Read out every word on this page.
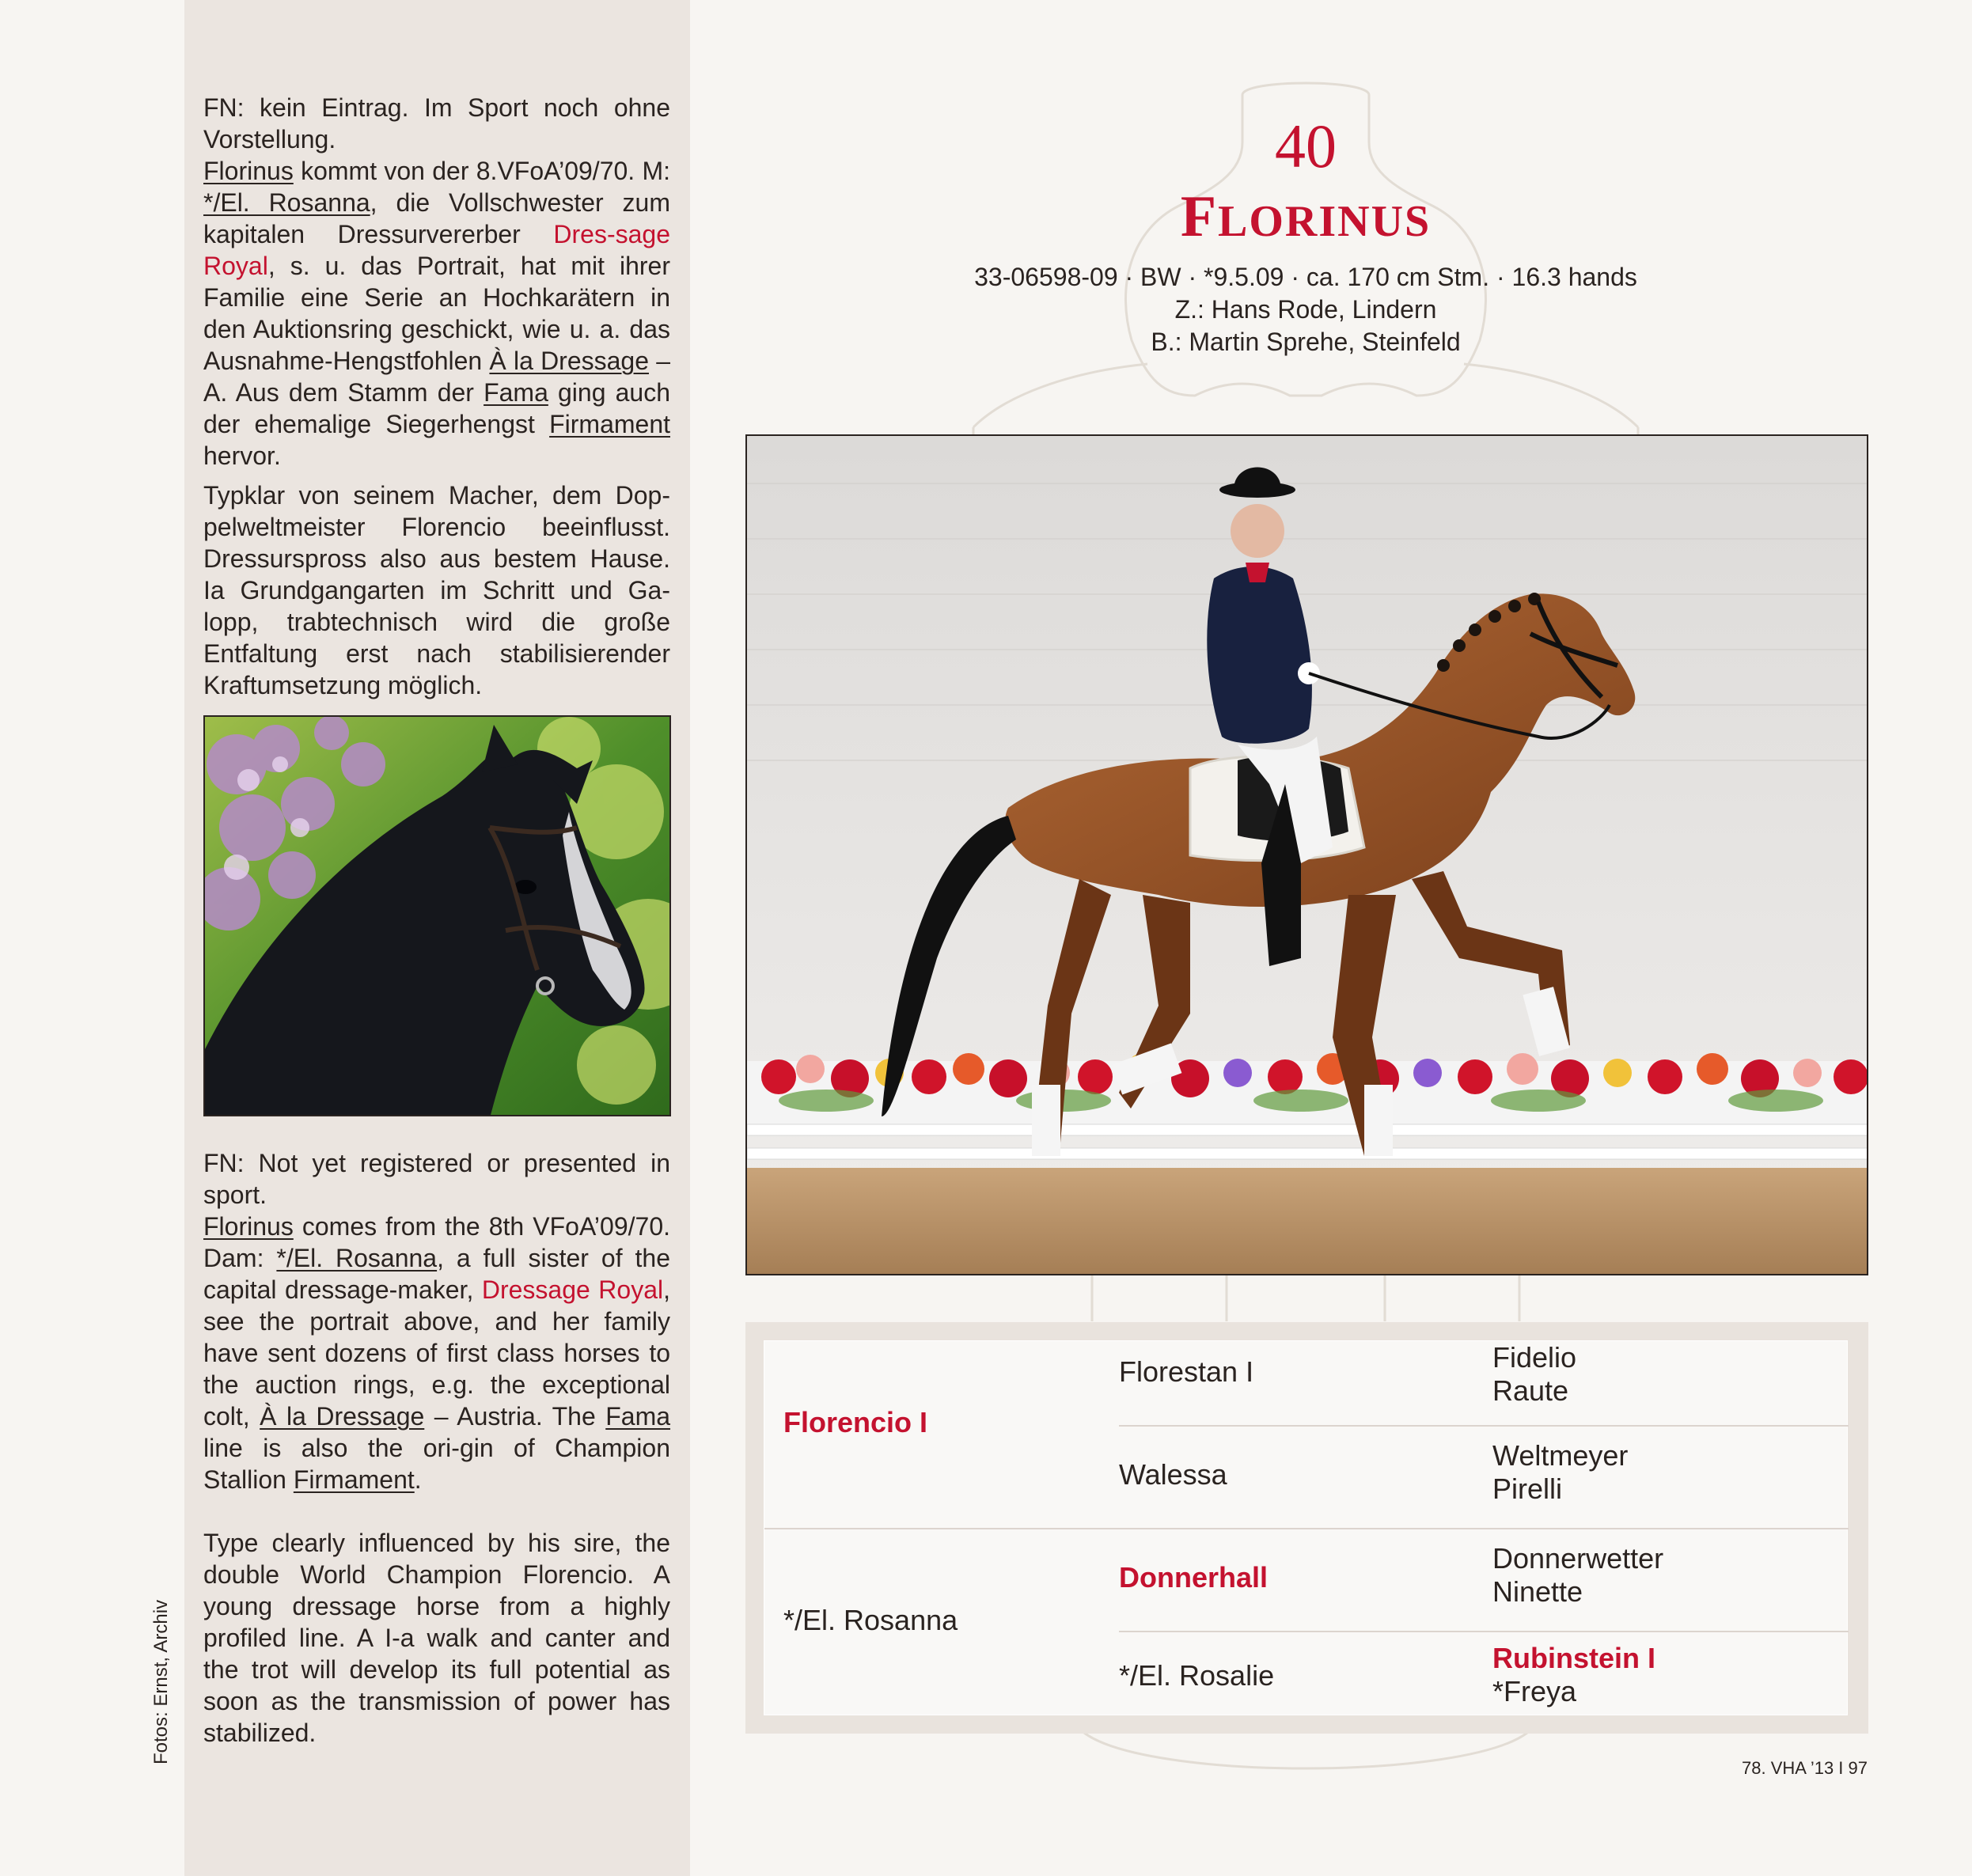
FN: kein Eintrag. Im Sport noch ohne Vorstellung.
Florinus kommt von der 8.VFoA’09/70. M: */El. Rosanna, die Vollschwester zum kapitalen Dressurvererber Dres-sage Royal, s. u. das Portrait, hat mit ihrer Familie eine Serie an Hochkarätern in den Auktionsring geschickt, wie u. a. das Ausnahme-Hengstfohlen À la Dressage – A. Aus dem Stamm der Fama ging auch der ehemalige Siegerhengst Firmament hervor.

Typklar von seinem Macher, dem Dop-pelweltmeister Florencio beeinflusst. Dressurspross also aus bestem Hause. Ia Grundgangarten im Schritt und Ga-lopp, trabtechnisch wird die große Entfaltung erst nach stabilisierender Kraftumsetzung möglich.

FN: Not yet registered or presented in sport.
Florinus comes from the 8th VFoA’09/70. Dam: */El. Rosanna, a full sister of the capital dressage-maker, Dressage Royal, see the portrait above, and her family have sent dozens of first class horses to the auction rings, e.g. the exceptional colt, À la Dressage – Austria. The Fama line is also the ori-gin of Champion Stallion Firmament.

Type clearly influenced by his sire, the double World Champion Florencio. A young dressage horse from a highly profiled line. A I-a walk and canter and the trot will develop its full potential as soon as the transmission of power has stabilized.

Fotos: Ernst, Archiv
40
FLORINUS
33-06598-09 · BW · *9.5.09 · ca. 170 cm Stm. · 16.3 hands
Z.: Hans Rode, Lindern
B.: Martin Sprehe, Steinfeld
Florencio I
*/El. Rosanna
Florestan I
Walessa
Donnerhall
*/El. Rosalie
Fidelio
Raute
Weltmeyer
Pirelli
Donnerwetter
Ninette
Rubinstein I
*Freya
78. VHA ’13 I 97
